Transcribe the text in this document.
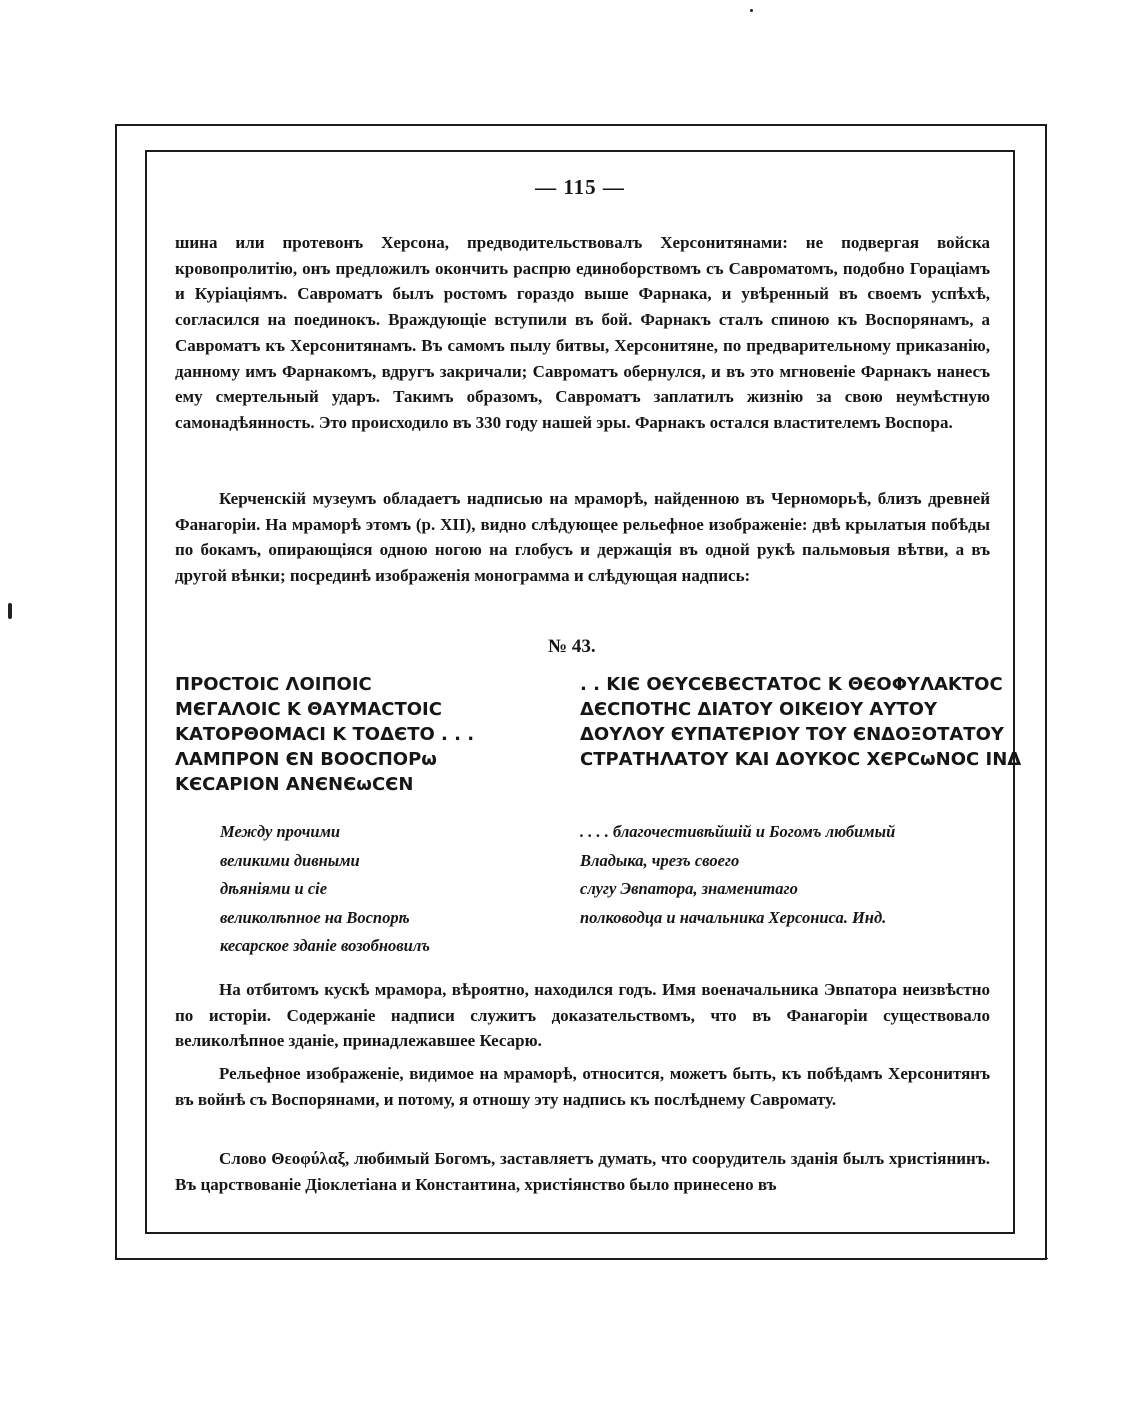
— 115 —

шина или протевонъ Херсона, предводительствовалъ Херсонитянами: не подвергая войска кровопролитію, онъ предложилъ окончить распрю единоборствомъ съ Савроматомъ, подобно Гораціамъ и Куріаціямъ. Савроматъ былъ ростомъ гораздо выше Фарнака, и увѣренный въ своемъ успѣхѣ, согласился на поединокъ. Враждующіе вступили въ бой. Фарнакъ сталъ спиною къ Воспорянамъ, а Савроматъ къ Херсонитянамъ. Въ самомъ пылу битвы, Херсонитяне, по предварительному приказанію, данному имъ Фарнакомъ, вдругъ закричали; Савроматъ обернулся, и въ это мгновеніе Фарнакъ нанесъ ему смертельный ударъ. Такимъ образомъ, Савроматъ заплатилъ жизнію за свою неумѣстную самонадѣянность. Это происходило въ 330 году нашей эры. Фарнакъ остался властителемъ Воспора.

Керченскій музеумъ обладаетъ надписью на мраморѣ, найденною въ Черноморьѣ, близъ древней Фанагоріи. На мраморѣ этомъ (р. XII), видно слѣдующее рельефное изображеніе: двѣ крылатыя побѣды по бокамъ, опирающіяся одною ногою на глобусъ и держащія въ одной рукѣ пальмовыя вѣтви, а въ другой вѣнки; посрединѣ изображенія монограмма и слѣдующая надпись:

№ 43.
ΠΡΟCΤΟΙC ΛΟΙΠΟΙC
ΜЄΓΑΛΟΙC Κ ΘΑΥΜΑCΤΟΙC
ΚΑΤΟΡΘΟΜΑCΙ Κ ΤΟΔЄΤΟ . . .
ΛΑΜΠΡΟΝ ЄΝ ΒΟΟCΠΟΡω
ΚЄCΑΡΙΟΝ ΑΝЄΝЄωCЄΝ
. . ΚΙЄ ΟЄΥCЄΒЄCΤΑΤΟC Κ ΘЄΟΦΥΛΑΚΤΟC
ΔЄCΠΟΤΗC ΔΙΑΤΟΥ ΟΙΚЄΙΟΥ ΑΥΤΟΥ
ΔΟΥΛΟΥ ЄΥΠΑΤЄΡΙΟΥ ΤΟΥ ЄΝΔΟΞΟΤΑΤΟΥ
CΤΡΑΤΗΛΑΤΟΥ ΚΑΙ ΔΟΥΚΟC ΧЄΡCωΝΟC ΙΝΔ
Между прочими
великими дивными
дѣяніями и сіе
великолѣпное на Воспорѣ
кесарское зданіе возобновилъ
. . . . благочестивѣйшій и Богомъ любимый
Владыка, чрезъ своего
слугу Эвпатора, знаменитаго
полководца и начальника Херсониса. Инд.

На отбитомъ кускѣ мрамора, вѣроятно, находился годъ. Имя военачальника Эвпатора неизвѣстно по исторіи. Содержаніе надписи служитъ доказательствомъ, что въ Фанагоріи существовало великолѣпное зданіе, принадлежавшее Кесарю.

Рельефное изображеніе, видимое на мраморѣ, относится, можетъ быть, къ побѣдамъ Херсонитянъ въ войнѣ съ Воспорянами, и потому, я отношу эту надпись къ послѣднему Савромату.

Слово Θεοφύλαξ, любимый Богомъ, заставляетъ думать, что соорудитель зданія былъ христіянинъ. Въ царствованіе Діоклетіана и Константина, христіянство было принесено въ
